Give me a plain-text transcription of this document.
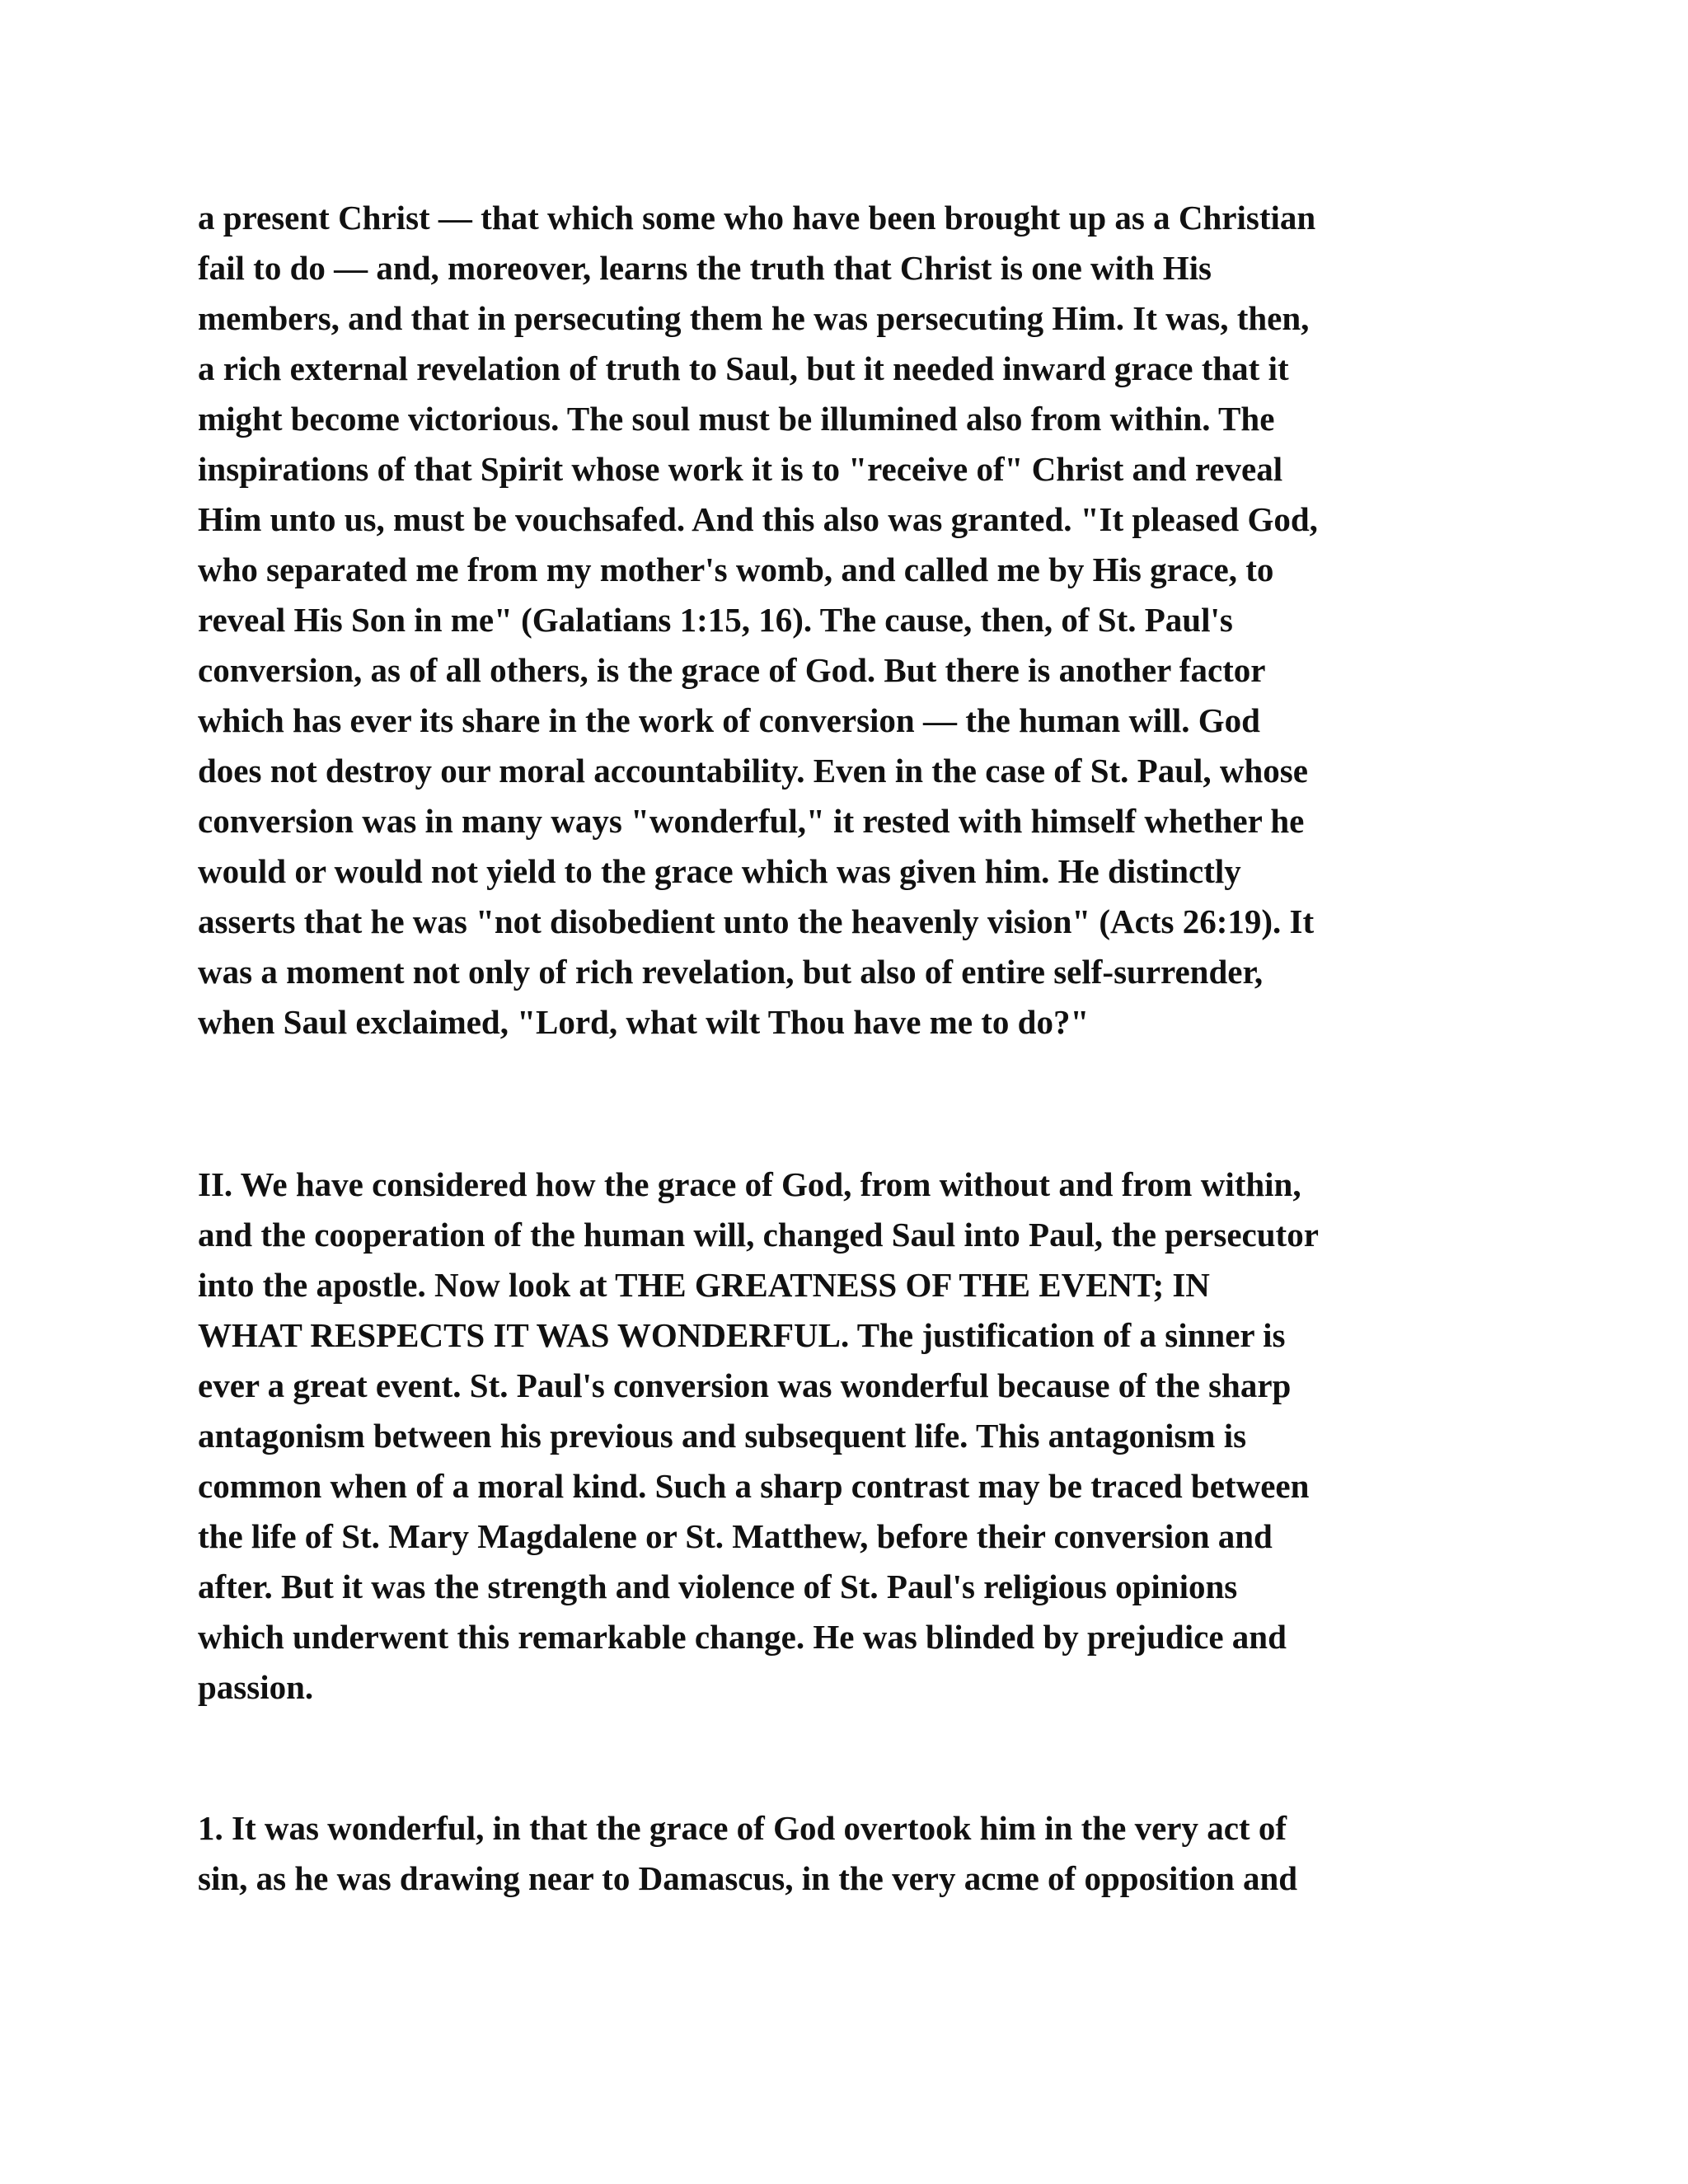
a present Christ — that which some who have been brought up as a Christian
fail to do — and, moreover, learns the truth that Christ is one with His
members, and that in persecuting them he was persecuting Him. It was, then,
a rich external revelation of truth to Saul, but it needed inward grace that it
might become victorious. The soul must be illumined also from within. The
inspirations of that Spirit whose work it is to "receive of" Christ and reveal
Him unto us, must be vouchsafed. And this also was granted. "It pleased God,
who separated me from my mother's womb, and called me by His grace, to
reveal His Son in me" (Galatians 1:15, 16). The cause, then, of St. Paul's
conversion, as of all others, is the grace of God. But there is another factor
which has ever its share in the work of conversion — the human will. God
does not destroy our moral accountability. Even in the case of St. Paul, whose
conversion was in many ways "wonderful," it rested with himself whether he
would or would not yield to the grace which was given him. He distinctly
asserts that he was "not disobedient unto the heavenly vision" (Acts 26:19). It
was a moment not only of rich revelation, but also of entire self-surrender,
when Saul exclaimed, "Lord, what wilt Thou have me to do?"

II. We have considered how the grace of God, from without and from within,
and the cooperation of the human will, changed Saul into Paul, the persecutor
into the apostle. Now look at THE GREATNESS OF THE EVENT; IN
WHAT RESPECTS IT WAS WONDERFUL. The justification of a sinner is
ever a great event. St. Paul's conversion was wonderful because of the sharp
antagonism between his previous and subsequent life. This antagonism is
common when of a moral kind. Such a sharp contrast may be traced between
the life of St. Mary Magdalene or St. Matthew, before their conversion and
after. But it was the strength and violence of St. Paul's religious opinions
which underwent this remarkable change. He was blinded by prejudice and
passion.

1. It was wonderful, in that the grace of God overtook him in the very act of
sin, as he was drawing near to Damascus, in the very acme of opposition and
